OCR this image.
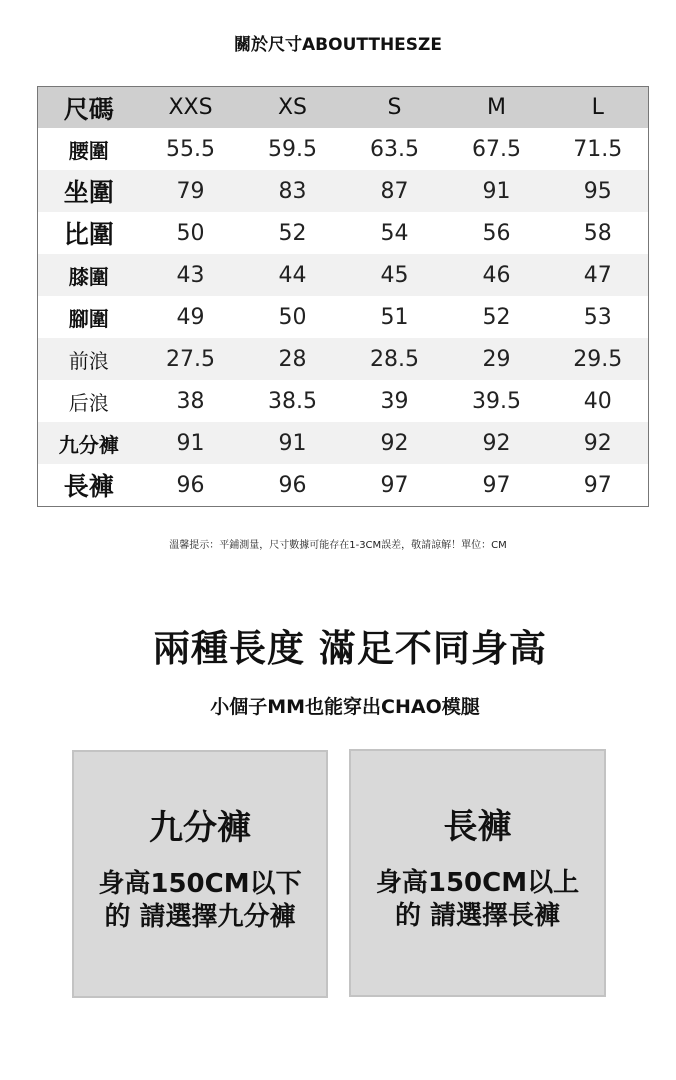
關於尺寸ABOUTTHESZE
尺碼	XXS	XS	S	M	L
腰圍	55.5	59.5	63.5	67.5	71.5
坐圍	79	83	87	91	95
比圍	50	52	54	56	58
膝圍	43	44	45	46	47
腳圍	49	50	51	52	53
前浪	27.5	28	28.5	29	29.5
后浪	38	38.5	39	39.5	40
九分褲	91	91	92	92	92
長褲	96	96	97	97	97
溫馨提示：平鋪測量，尺寸數據可能存在1-3CM誤差，敬請諒解！單位：CM
兩種長度 滿足不同身高
小個子MM也能穿出CHAO模腿
九分褲
身高150CM以下
的 請選擇九分褲
長褲
身高150CM以上
的 請選擇長褲
